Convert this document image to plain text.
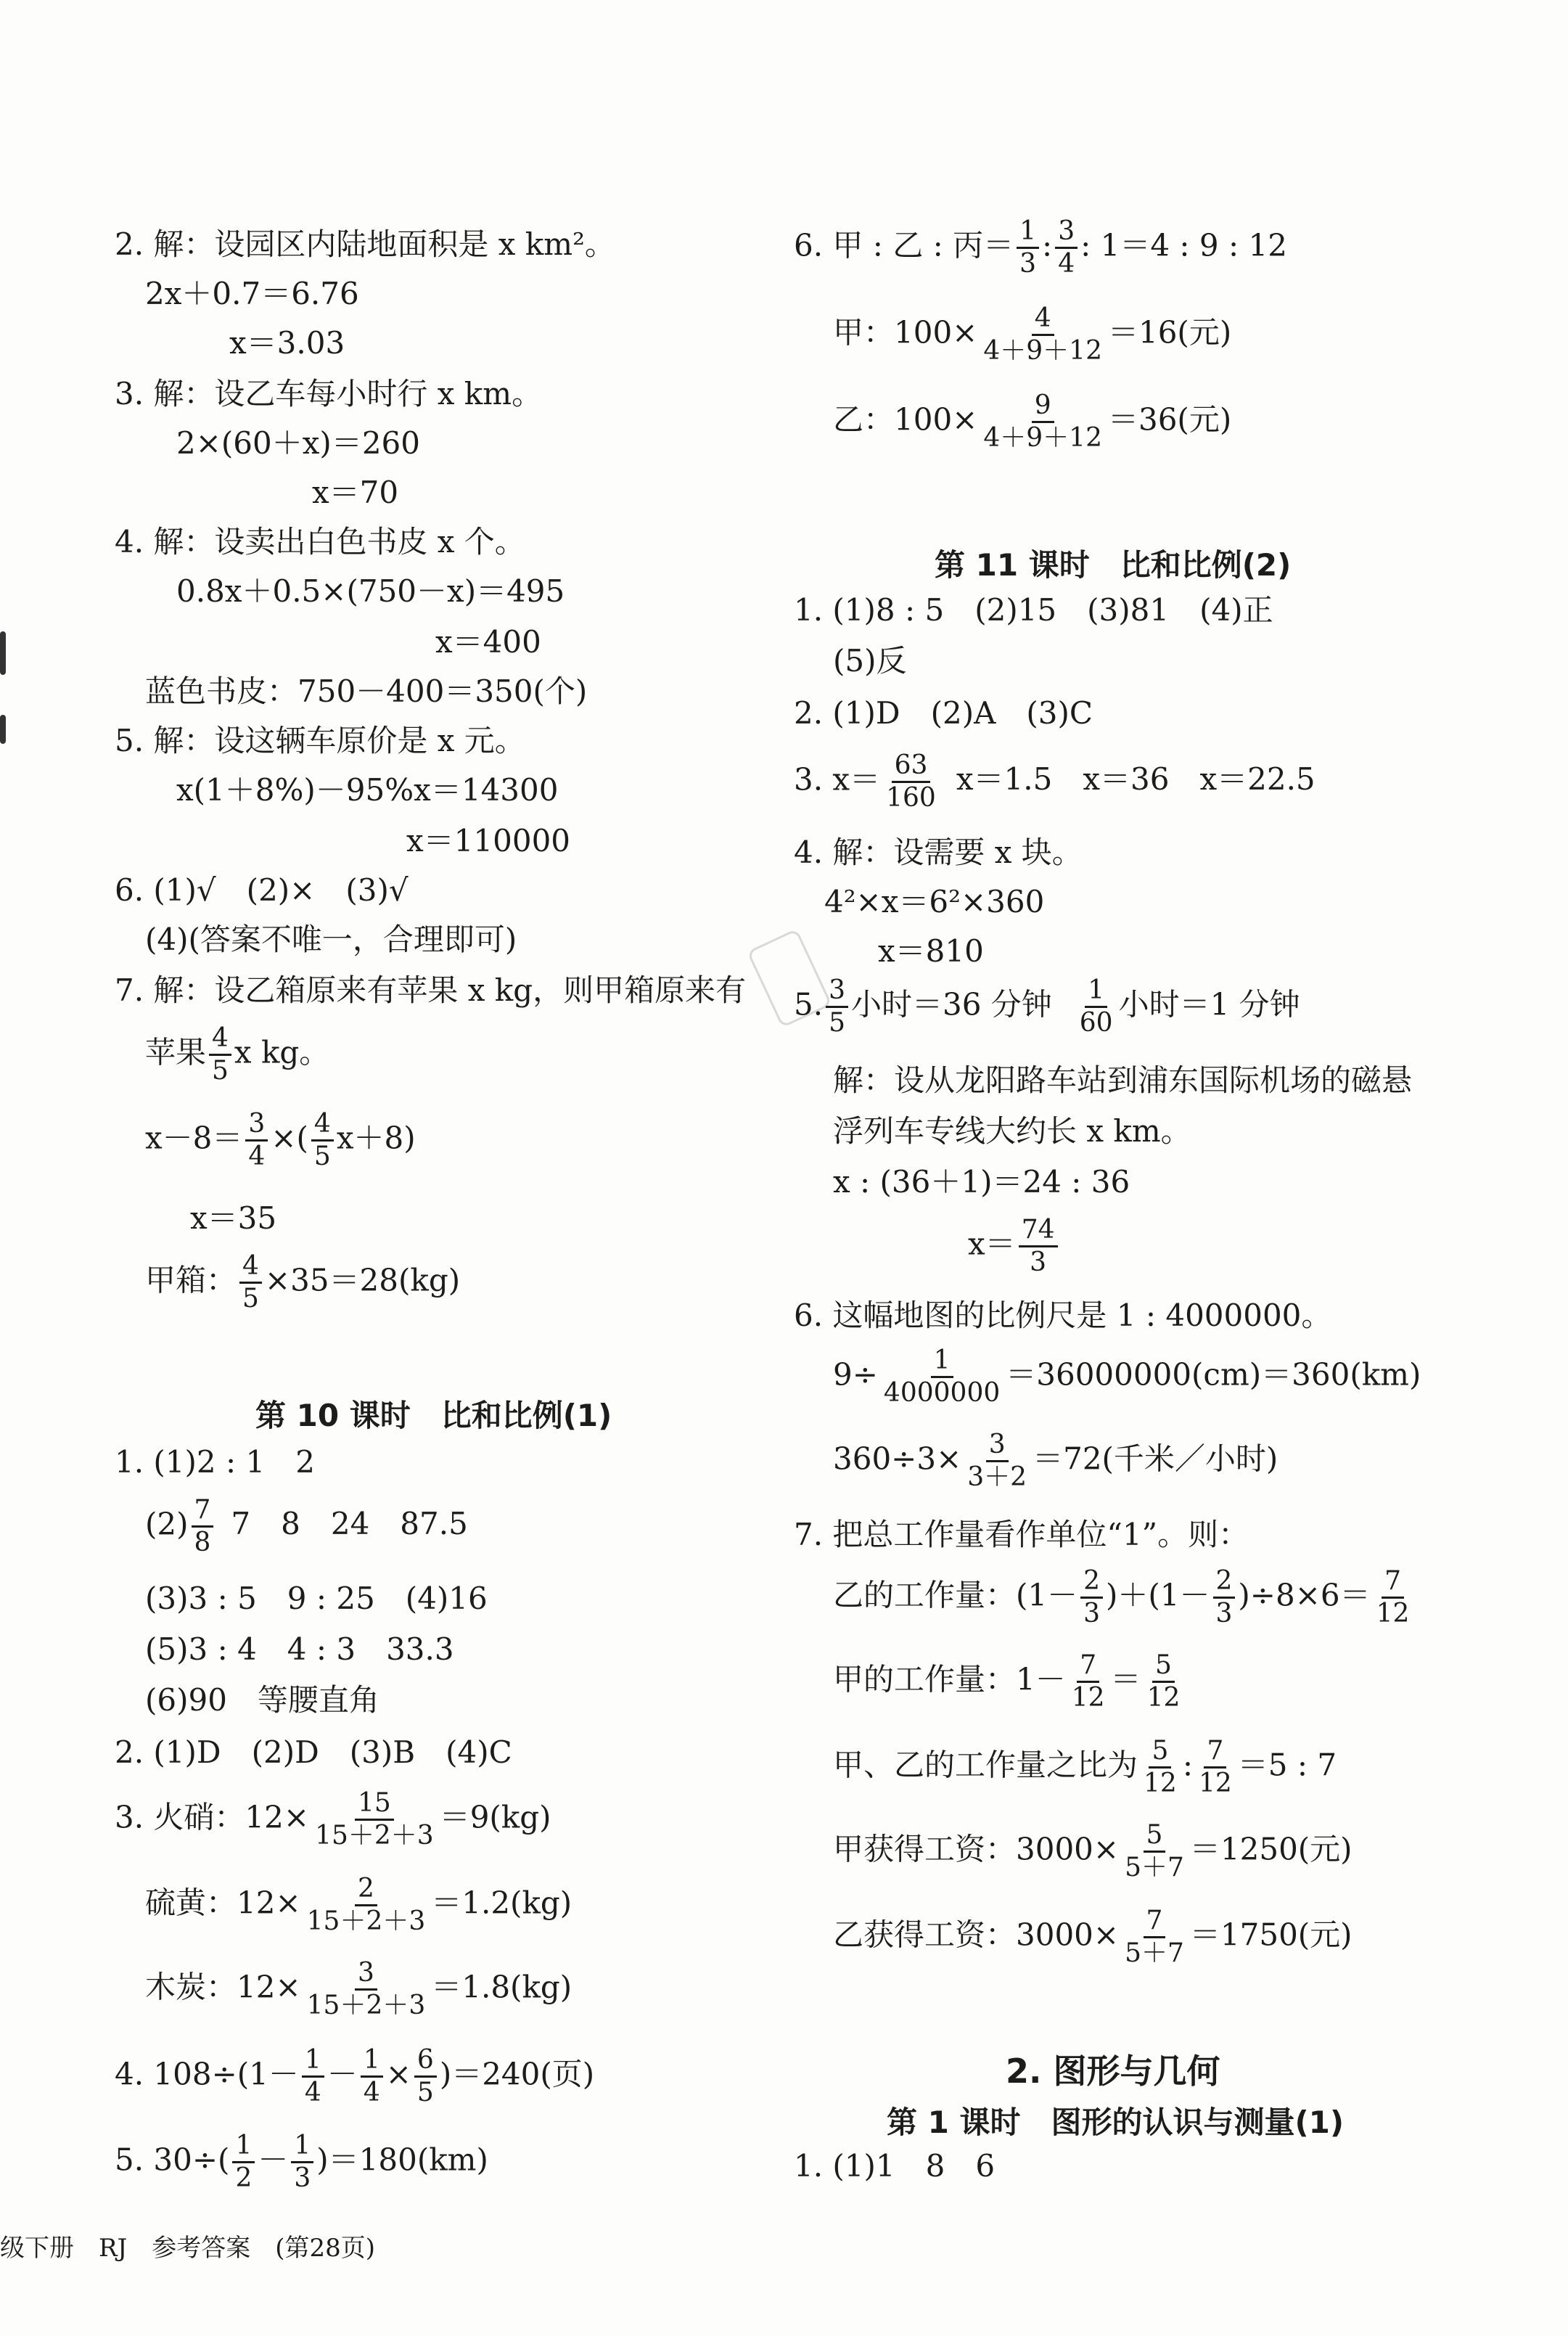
2. 解：设园区内陆地面积是 x km²。
2x＋0.7＝6.76
x＝3.03
3. 解：设乙车每小时行 x km。
2×(60＋x)＝260
x＝70
4. 解：设卖出白色书皮 x 个。
0.8x＋0.5×(750－x)＝495
x＝400
蓝色书皮：750－400＝350(个)
5. 解：设这辆车原价是 x 元。
x(1＋8%)－95%x＝14300
x＝110000
6. (1)√　(2)×　(3)√
(4)(答案不唯一，合理即可)
7. 解：设乙箱原来有苹果 x kg，则甲箱原来有
苹果 $\frac{4}{5}$ x kg。
$x-8= \frac{3}{4}$ ×( $\frac{4}{5} x+8$)
x＝35
甲箱： $\frac{4}{5} \times 35=28(kg)$
第 10 课时　比和比例(1)
1. (1)2 : 1　2
$(2) \frac{7}{8} 7$　8　24　87.5
(3)3 : 5　9 : 25　(4)16
(5)3 : 4　4 : 3　33.3
(6)90　等腰直角
2. (1)D　(2)D　(3)B　(4)C
3. 火硝：$12\times \frac{15}{15+2+3} =9(kg)$
硫黄：$12\times \frac{2}{15+2+3} =1.2(kg)$
木炭：$12\times \frac{3}{15+2+3} =1.8(kg)$
4. $108\div(1- \frac{1}{4} - \frac{1}{4} \times \frac{6}{5} )=240$(页)
5. $30\div( \frac{1}{2} - \frac{1}{3} )=180(km)$
级下册　RJ　参考答案　(第28页)
6. 甲 : 乙 : 丙＝ $\frac{1}{3}$ : $\frac{3}{4}$ : 1＝4 : 9 : 12
甲：$100\times \frac{4}{4+9+12} =16$(元)
乙：$100\times \frac{9}{4+9+12} =36$(元)
第 11 课时　比和比例(2)
1. (1)8 : 5　(2)15　(3)81　(4)正
(5)反
2. (1)D　(2)A　(3)C
3. $x= \frac{63}{160} x=1.5$　x＝36　x＝22.5
4. 解：设需要 x 块。
4²×x＝6²×360
x＝810
5. $\frac{3}{5}$ 小时＝36 分钟 $\frac{1}{60}$ 小时＝1 分钟
解：设从龙阳路车站到浦东国际机场的磁悬
浮列车专线大约长 x km。
x : (36＋1)＝24 : 36
$x= \frac{74}{3}$
6. 这幅地图的比例尺是 1 : 4000000。
$9\div \frac{1}{4000000} =36000000(cm)=360(km)$
$360\div 3\times \frac{3}{3+2} =72$(千米／小时)
7. 把总工作量看作单位“1”。则：
乙的工作量：$(1- \frac{2}{3} )+(1- \frac{2}{3} )\div 8\times 6= \frac{7}{12}$
甲的工作量：$1- \frac{7}{12} = \frac{5}{12}$
甲、乙的工作量之比为 $\frac{5}{12}$ : $\frac{7}{12} =5$ : 7
甲获得工资：$3000\times \frac{5}{5+7} =1250$(元)
乙获得工资：$3000\times \frac{7}{5+7} =1750$(元)
2. 图形与几何
第 1 课时　图形的认识与测量(1)
1. (1)1　8　6
